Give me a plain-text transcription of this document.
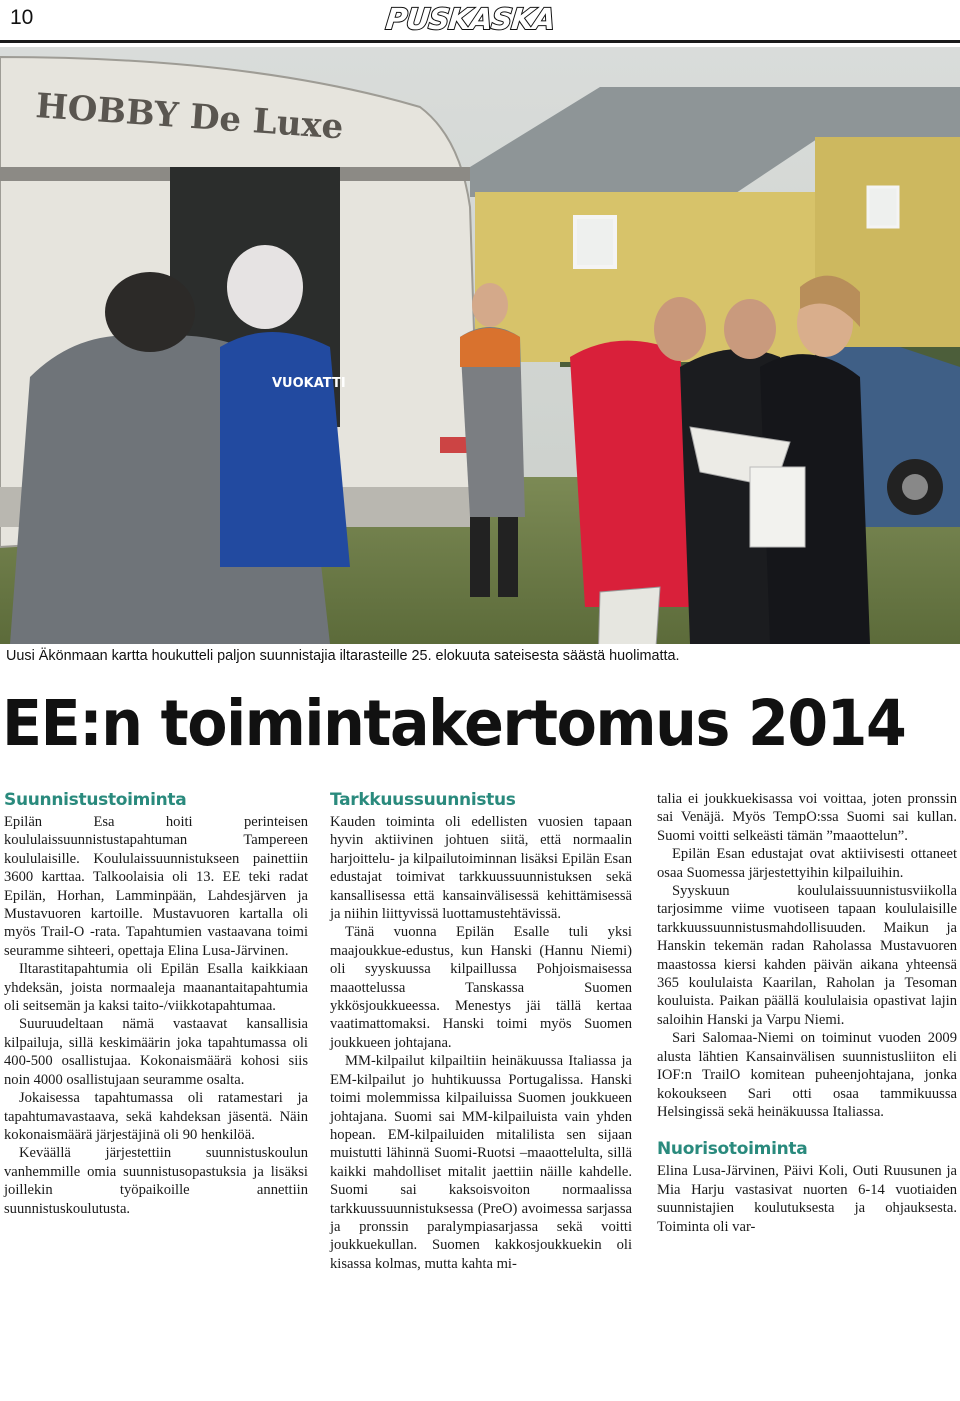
10	PUSKASKA
HOBBY De Luxe
VUOKATTI
Uusi Äkönmaan kartta houkutteli paljon suunnistajia iltarasteille 25. elokuuta sateisesta säästä huolimatta.
EE:n toimintakertomus 2014
Suunnistustoiminta

Epilän Esa hoiti perinteisen koululaissuunnistustapahtuman Tampereen koululaisille. Koululaissuunnistukseen painettiin 3600 karttaa. Talkoolaisia oli 13. EE teki radat Epilän, Horhan, Lamminpään, Lahdesjärven ja Mustavuoren kartoille. Mustavuoren kartalla oli myös Trail-O -rata. Tapahtumien vastaavana toimi seuramme sihteeri, opettaja Elina Lusa-Järvinen.

Iltarastitapahtumia oli Epilän Esalla kaikkiaan yhdeksän, joista normaaleja maanantaitapahtumia oli seitsemän ja kaksi taito-/viikkotapahtumaa.

Suuruudeltaan nämä vastaavat kansallisia kilpailuja, sillä keskimäärin joka tapahtumassa oli 400-500 osallistujaa. Kokonaismäärä kohosi siis noin 4000 osallistujaan seuramme osalta.

Jokaisessa tapahtumassa oli ratamestari ja tapahtumavastaava, sekä kahdeksan jäsentä. Näin kokonaismäärä järjestäjinä oli 90 henkilöä.

Keväällä järjestettiin suunnistuskoulun vanhemmille omia suunnistusopastuksia ja lisäksi joillekin työpaikoille annettiin suunnistuskoulutusta.

Tarkkuussuunnistus

Kauden toiminta oli edellisten vuosien tapaan hyvin aktiivinen johtuen siitä, että normaalin harjoittelu- ja kilpailutoiminnan lisäksi Epilän Esan edustajat toimivat tarkkuussuunnistuksen sekä kansallisessa että kansainvälisessä kehittämisessä ja niihin liittyvissä luottamustehtävissä.

Tänä vuonna Epilän Esalle tuli yksi maajoukkue-edustus, kun Hanski (Hannu Niemi) oli syyskuussa kilpaillussa Pohjoismaisessa maaottelussa Tanskassa Suomen ykkösjoukkueessa. Menestys jäi tällä kertaa vaatimattomaksi. Hanski toimi myös Suomen joukkueen johtajana.

MM-kilpailut kilpailtiin heinäkuussa Italiassa ja EM-kilpailut jo huhtikuussa Portugalissa. Hanski toimi molemmissa kilpailuissa Suomen joukkueen johtajana. Suomi sai MM-kilpailuista vain yhden hopean. EM-kilpailuiden mitalilista sen sijaan muistutti lähinnä Suomi-Ruotsi –maaottelulta, sillä kaikki mahdolliset mitalit jaettiin näille kahdelle. Suomi sai kaksoisvoiton normaalissa tarkkuussuunnistuksessa (PreO) avoimessa sarjassa ja pronssin paralympiasarjassa sekä voitti joukkuekullan. Suomen kakkosjoukkuekin oli kisassa kolmas, mutta kahta mi-

talia ei joukkuekisassa voi voittaa, joten pronssin sai Venäjä. Myös TempO:ssa Suomi sai kullan. Suomi voitti selkeästi tämän ”maaottelun”.

Epilän Esan edustajat ovat aktiivisesti ottaneet osaa Suomessa järjestettyihin kilpailuihin.

Syyskuun koululaissuunnistusviikolla tarjosimme viime vuotiseen tapaan koululaisille tarkkuussuunnistusmahdollisuuden. Maikun ja Hanskin tekemän radan Raholassa Mustavuoren maastossa kiersi kahden päivän aikana yhteensä 365 koululaista Kaarilan, Raholan ja Tesoman kouluista. Paikan päällä koululaisia opastivat lajin saloihin Hanski ja Varpu Niemi.

Sari Salomaa-Niemi on toiminut vuoden 2009 alusta lähtien Kansainvälisen suunnistusliiton eli IOF:n TrailO komitean puheenjohtajana, jonka kokoukseen Sari otti osaa tammikuussa Helsingissä sekä heinäkuussa Italiassa.

Nuorisotoiminta

Elina Lusa-Järvinen, Päivi Koli, Outi Ruusunen ja Mia Harju vastasivat nuorten 6-14 vuotiaiden suunnistajien koulutuksesta ja ohjauksesta. Toiminta oli var-
